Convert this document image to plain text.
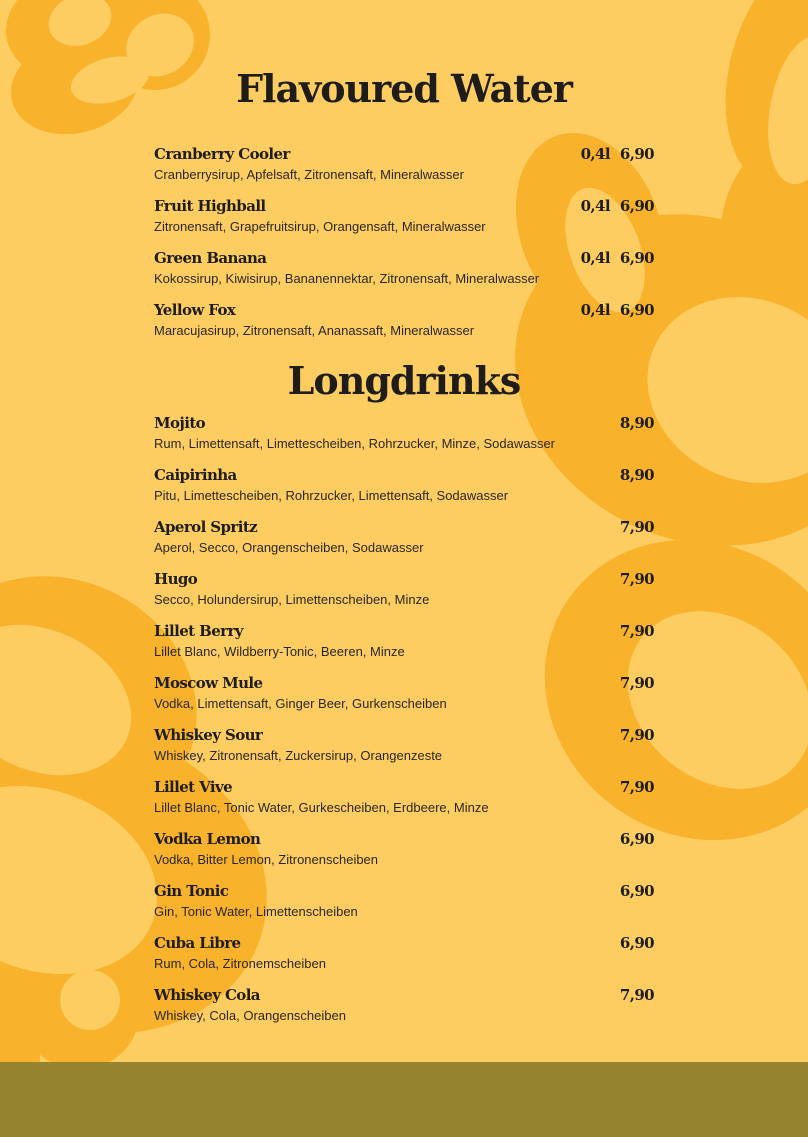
Flavoured Water
Cranberry Cooler	0,4l 6,90
Cranberrysirup, Apfelsaft, Zitronensaft, Mineralwasser
Fruit Highball	0,4l 6,90
Zitronensaft, Grapefruitsirup, Orangensaft, Mineralwasser
Green Banana	0,4l 6,90
Kokossirup, Kiwisirup, Bananennektar, Zitronensaft, Mineralwasser
Yellow Fox	0,4l 6,90
Maracujasirup, Zitronensaft, Ananassaft, Mineralwasser
Longdrinks
Mojito	8,90
Rum, Limettensaft, Limettescheiben, Rohrzucker, Minze, Sodawasser
Caipirinha	8,90
Pitu, Limettescheiben, Rohrzucker, Limettensaft, Sodawasser
Aperol Spritz	7,90
Aperol, Secco, Orangenscheiben, Sodawasser
Hugo	7,90
Secco, Holundersirup, Limettenscheiben, Minze
Lillet Berry	7,90
Lillet Blanc, Wildberry-Tonic, Beeren, Minze
Moscow Mule	7,90
Vodka, Limettensaft, Ginger Beer, Gurkenscheiben
Whiskey Sour	7,90
Whiskey, Zitronensaft, Zuckersirup, Orangenzeste
Lillet Vive	7,90
Lillet Blanc, Tonic Water, Gurkescheiben, Erdbeere, Minze
Vodka Lemon	6,90
Vodka, Bitter Lemon, Zitronenscheiben
Gin Tonic	6,90
Gin, Tonic Water, Limettenscheiben
Cuba Libre	6,90
Rum, Cola, Zitronemscheiben
Whiskey Cola	7,90
Whiskey, Cola, Orangenscheiben
